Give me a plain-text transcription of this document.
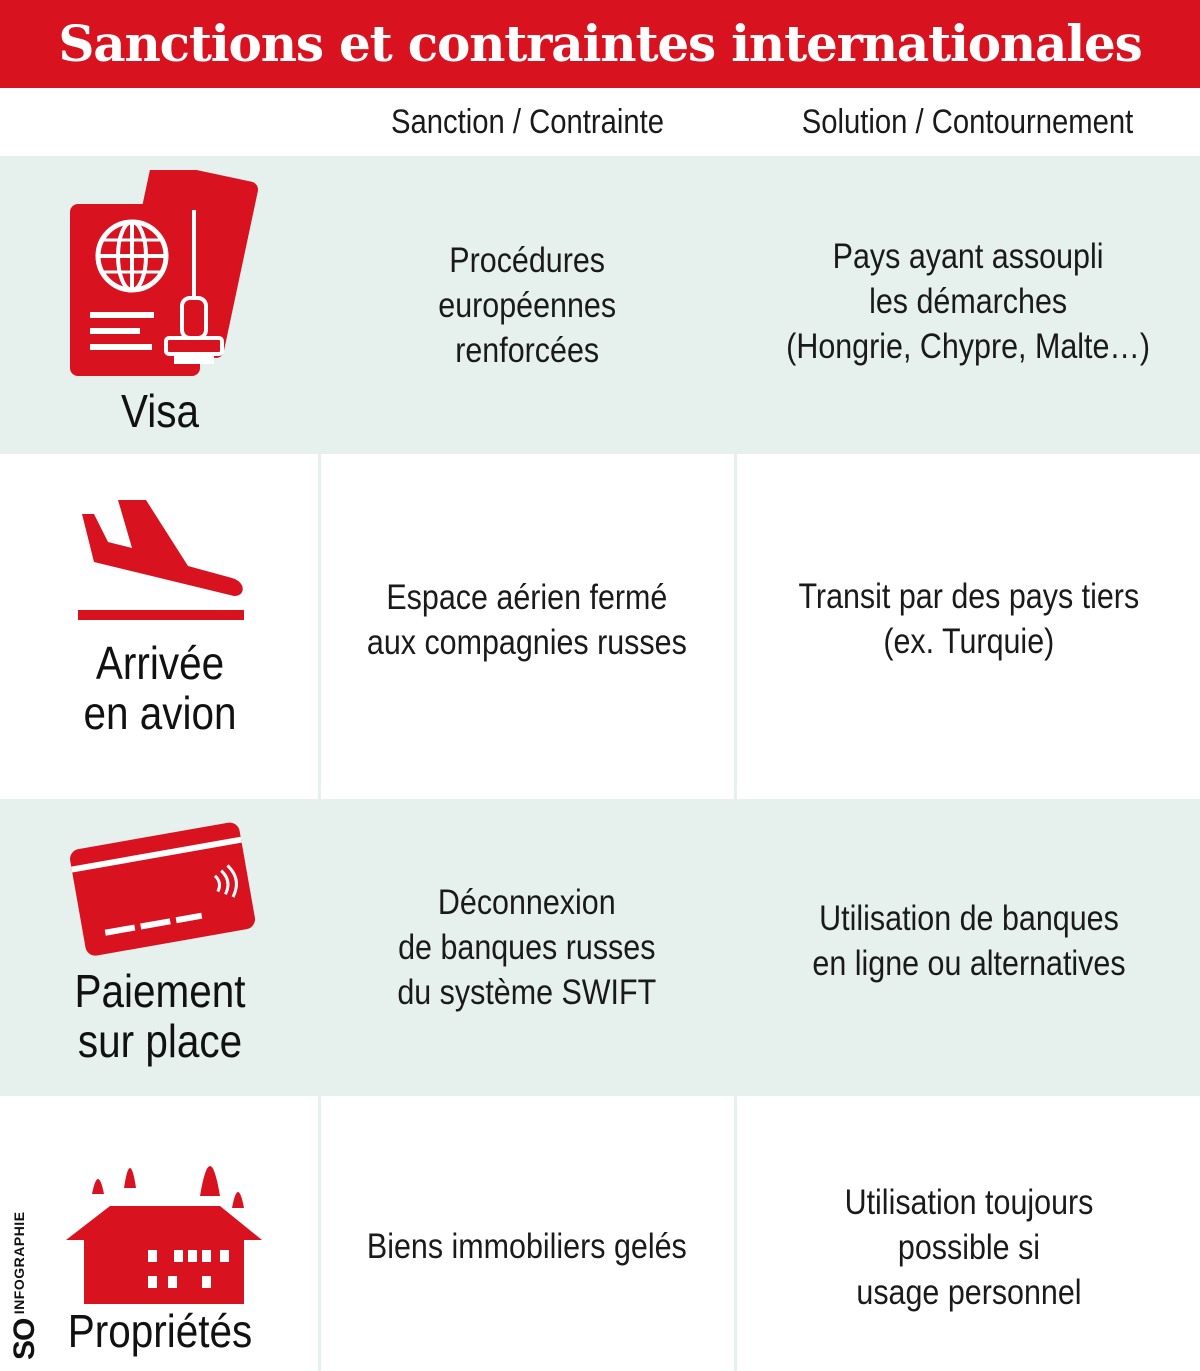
Sanctions et contraintes internationales
Sanction / Contrainte	Solution / Contournement
Visa
Procédures
européennes
renforcées
Pays ayant assoupli
les démarches
(Hongrie, Chypre, Malte…)
Arrivée
en avion
Espace aérien fermé
aux compagnies russes
Transit par des pays tiers
(ex. Turquie)
Paiement
sur place
Déconnexion
de banques russes
du système SWIFT
Utilisation de banques
en ligne ou alternatives
Propriétés
Biens immobiliers gelés
Utilisation toujours
possible si
usage personnel
SO INFOGRAPHIE
